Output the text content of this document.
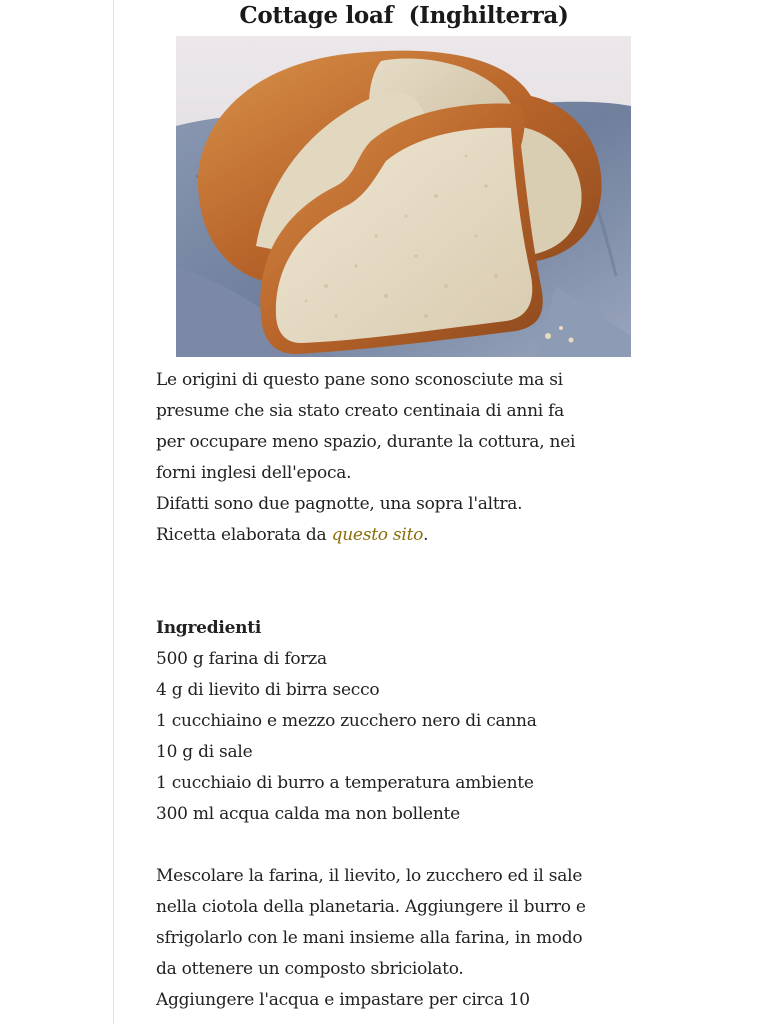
Cottage loaf  (Inghilterra)

Le origini di questo pane sono sconosciute ma si

presume che sia stato creato centinaia di anni fa

per occupare meno spazio, durante la cottura, nei

forni inglesi dell'epoca.

Difatti sono due pagnotte, una sopra l'altra.

Ricetta elaborata da questo sito.

Ingredienti

500 g farina di forza

4 g di lievito di birra secco

1 cucchiaino e mezzo zucchero nero di canna

10 g di sale

1 cucchiaio di burro a temperatura ambiente

300 ml acqua calda ma non bollente

Mescolare la farina, il lievito, lo zucchero ed il sale

nella ciotola della planetaria. Aggiungere il burro e

sfrigolarlo con le mani insieme alla farina, in modo

da ottenere un composto sbriciolato.

Aggiungere l'acqua e impastare per circa 10
